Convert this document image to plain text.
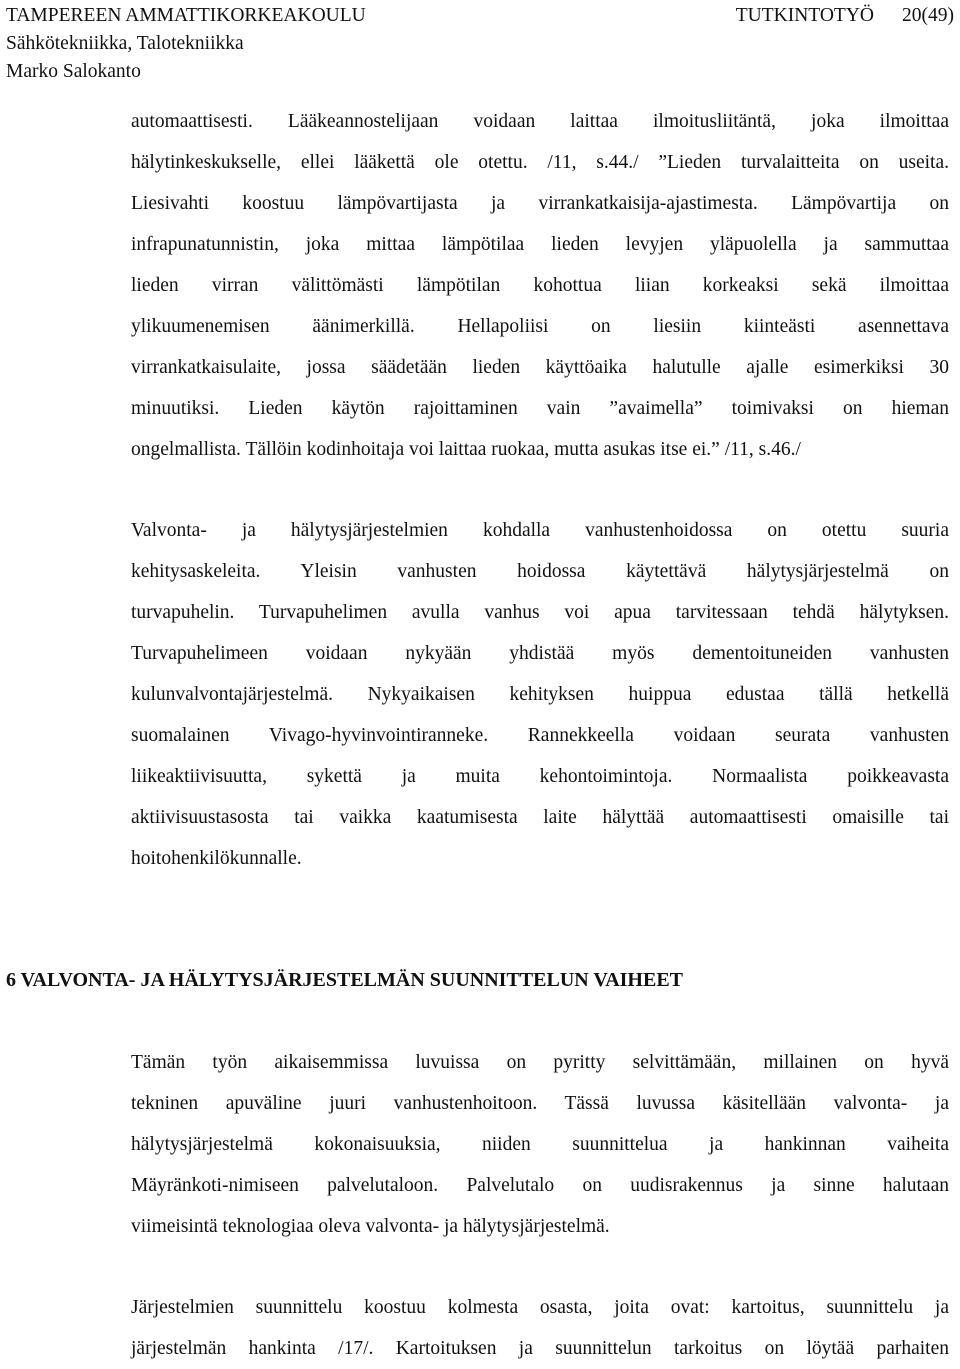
TAMPEREEN AMMATTIKORKEAKOULU	TUTKINTOTYÖ 20(49)
Sähkötekniikka, Talotekniikka
Marko Salokanto
automaattisesti. Lääkeannostelijaan voidaan laittaa ilmoitusliitäntä, joka ilmoittaa
hälytinkeskukselle, ellei lääkettä ole otettu. /11, s.44./ ”Lieden turvalaitteita on useita.
Liesivahti koostuu lämpövartijasta ja virrankatkaisija-ajastimesta. Lämpövartija on
infrapunatunnistin, joka mittaa lämpötilaa lieden levyjen yläpuolella ja sammuttaa
lieden virran välittömästi lämpötilan kohottua liian korkeaksi sekä ilmoittaa
ylikuumenemisen äänimerkillä. Hellapoliisi on liesiin kiinteästi asennettava
virrankatkaisulaite, jossa säädetään lieden käyttöaika halutulle ajalle esimerkiksi 30
minuutiksi. Lieden käytön rajoittaminen vain ”avaimella” toimivaksi on hieman
ongelmallista. Tällöin kodinhoitaja voi laittaa ruokaa, mutta asukas itse ei.” /11, s.46./
Valvonta- ja hälytysjärjestelmien kohdalla vanhustenhoidossa on otettu suuria
kehitysaskeleita. Yleisin vanhusten hoidossa käytettävä hälytysjärjestelmä on
turvapuhelin. Turvapuhelimen avulla vanhus voi apua tarvitessaan tehdä hälytyksen.
Turvapuhelimeen voidaan nykyään yhdistää myös dementoituneiden vanhusten
kulunvalvontajärjestelmä. Nykyaikaisen kehityksen huippua edustaa tällä hetkellä
suomalainen Vivago-hyvinvointiranneke. Rannekkeella voidaan seurata vanhusten
liikeaktiivisuutta, sykettä ja muita kehontoimintoja. Normaalista poikkeavasta
aktiivisuustasosta tai vaikka kaatumisesta laite hälyttää automaattisesti omaisille tai
hoitohenkilökunnalle.
6 VALVONTA- JA HÄLYTYSJÄRJESTELMÄN SUUNNITTELUN VAIHEET
Tämän työn aikaisemmissa luvuissa on pyritty selvittämään, millainen on hyvä
tekninen apuväline juuri vanhustenhoitoon. Tässä luvussa käsitellään valvonta- ja
hälytysjärjestelmä kokonaisuuksia, niiden suunnittelua ja hankinnan vaiheita
Mäyränkoti-nimiseen palvelutaloon. Palvelutalo on uudisrakennus ja sinne halutaan
viimeisintä teknologiaa oleva valvonta- ja hälytysjärjestelmä.
Järjestelmien suunnittelu koostuu kolmesta osasta, joita ovat: kartoitus, suunnittelu ja
järjestelmän hankinta /17/. Kartoituksen ja suunnittelun tarkoitus on löytää parhaiten
